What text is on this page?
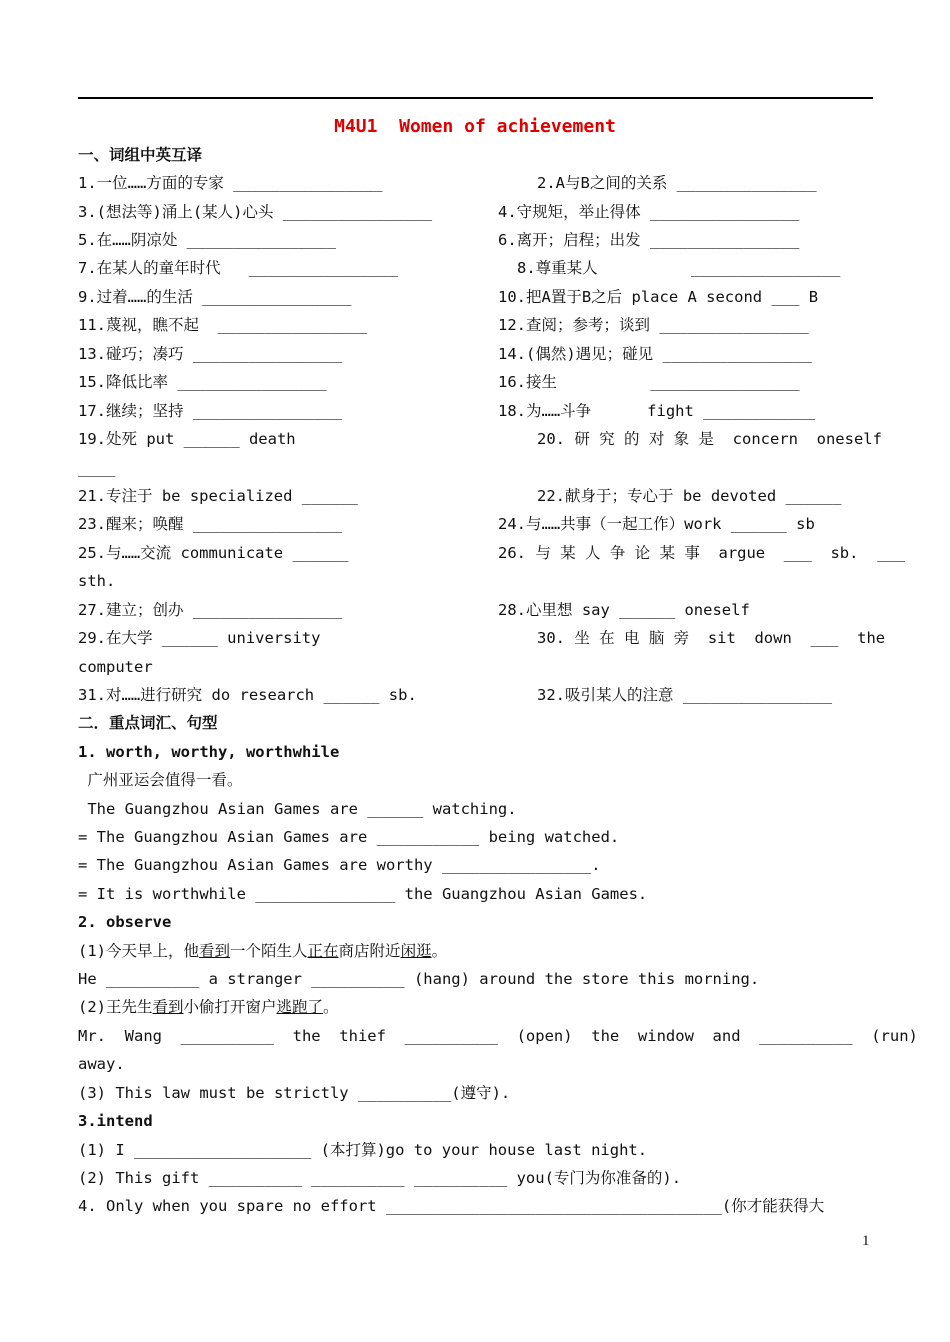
M4U1  Women of achievement
一、词组中英互译
1.一位……方面的专家 ________________	2.A与B之间的关系 _______________
3.(想法等)涌上(某人)心头 ________________	4.守规矩，举止得体 ________________
5.在……阴凉处 ________________	6.离开；启程；出发 ________________
7.在某人的童年时代   ________________	8.尊重某人          ________________
9.过着……的生活 ________________	10.把A置于B之后 place A second ___ B
11.蔑视，瞧不起  ________________	12.查阅；参考；谈到 ________________
13.碰巧；凑巧 ________________	14.(偶然)遇见；碰见 ________________
15.降低比率 ________________	16.接生          ________________
17.继续；坚持 ________________	18.为……斗争      fight ____________
19.处死 put ______ death	20. 研 究 的 对 象 是  concern  oneself
____
21.专注于 be specialized ______	22.献身于；专心于 be devoted ______
23.醒来；唤醒 ________________	24.与……共事（一起工作）work ______ sb
25.与……交流 communicate ______	26. 与 某 人 争 论 某 事  argue  ___  sb.  ___
sth.
27.建立；创办 ________________	28.心里想 say ______ oneself
29.在大学 ______ university	30. 坐 在 电 脑 旁  sit  down  ___  the
computer
31.对……进行研究 do research ______ sb.	32.吸引某人的注意 ________________
二．重点词汇、句型
1. worth, worthy, worthwhile
广州亚运会值得一看。
The Guangzhou Asian Games are ______ watching.
= The Guangzhou Asian Games are ___________ being watched.
= The Guangzhou Asian Games are worthy ________________.
= It is worthwhile _______________ the Guangzhou Asian Games.
2. observe
(1)今天早上，他看到一个陌生人正在商店附近闲逛。
He __________ a stranger __________ (hang) around the store this morning.
(2)王先生看到小偷打开窗户逃跑了。
Mr.  Wang  __________  the  thief  __________  (open)  the  window  and  __________  (run)
away.
(3) This law must be strictly __________(遵守).
3.intend
(1) I ___________________ (本打算)go to your house last night.
(2) This gift __________ __________ __________ you(专门为你准备的).
4. Only when you spare no effort ____________________________________(你才能获得大
1
